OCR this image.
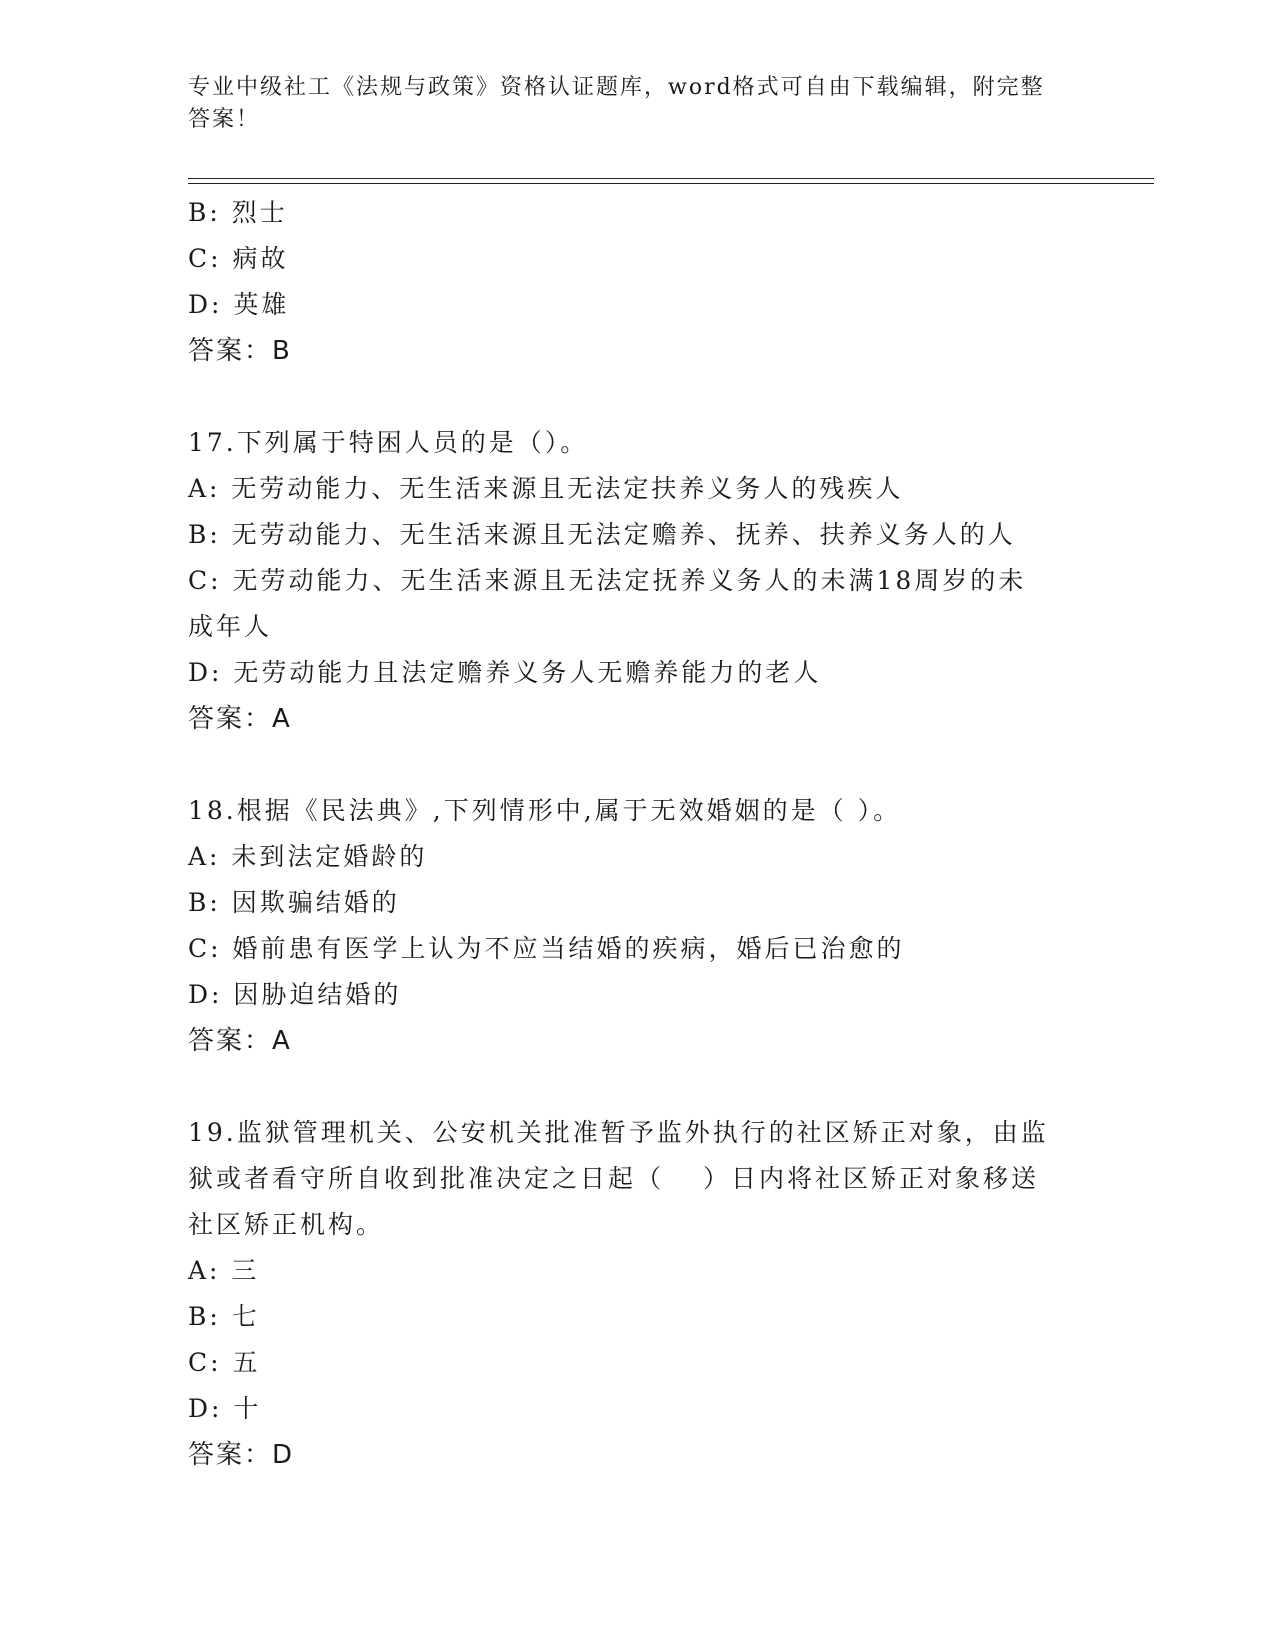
专业中级社工《法规与政策》资格认证题库，word格式可自由下载编辑，附完整答案！
B: 烈士
C: 病故
D: 英雄
答案：B
17.下列属于特困人员的是（）。
A: 无劳动能力、无生活来源且无法定扶养义务人的残疾人
B: 无劳动能力、无生活来源且无法定赡养、抚养、扶养义务人的人
C: 无劳动能力、无生活来源且无法定抚养义务人的未满18周岁的未成年人
D: 无劳动能力且法定赡养义务人无赡养能力的老人
答案：A
18.根据《民法典》,下列情形中,属于无效婚姻的是（ ）。
A: 未到法定婚龄的
B: 因欺骗结婚的
C: 婚前患有医学上认为不应当结婚的疾病，婚后已治愈的
D: 因胁迫结婚的
答案：A
19.监狱管理机关、公安机关批准暂予监外执行的社区矫正对象，由监狱或者看守所自收到批准决定之日起（　 ）日内将社区矫正对象移送社区矫正机构。
A: 三
B: 七
C: 五
D: 十
答案：D
